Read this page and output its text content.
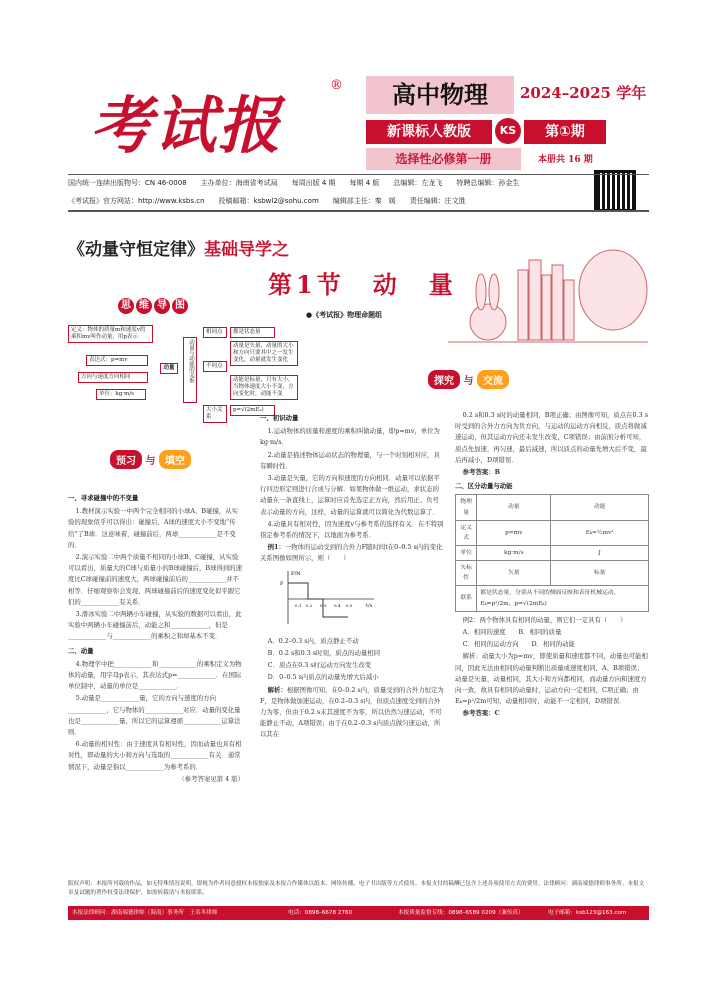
考试报
®	高中物理	2024–2025 学年
新课标人教版	KS	第①期
选择性必修第一册	本册共 16 期
国内统一连续出版物号：CN 46-0008 主办单位：海南省考试局 每周出版 4 期 每期 4 版 总编辑：左龙飞 特聘总编辑：孙金生
《考试报》官方网站：http://www.ksbs.cn 投稿邮箱：ksbwl2@sohu.com 编辑部主任：秦　媛 责任编辑：庄文胜
《动量守恒定律》基础导学之
第1节　动　量
●《考试报》物理命题组
思 维 导 图
定义：物体的质量m和速度v的乘积mv叫作动量，用p表示
表达式：p=mv
方向与速度方向相同
单位：kg·m/s
动量	动量与动能的关系
相同点
不同点
大小关系
都是状态量
动量是矢量，动量的大小和方向只要其中之一发生变化，动量就发生变化
动能是标量，只有大小，当物体速度大小不变，方向变化时，动能不变
p=√(2mEₖ)
预习 与 填空
探究 与 交流

一、寻求碰撞中的不变量

1.教材演示实验一中两个完全相同的小球A、B碰撞，从实验的现象似乎可以得出：碰撞后，A球的速度大小不变地“传给”了B球．这意味着，碰撞前后，两球____________是不变的．

2.演示实验二中两个质量不相同的小球B、C碰撞，从实验可以看出，质量大的C球与质量小的B球碰撞后，B球得到的速度比C球碰撞前的速度大，两球碰撞前后的____________并不相等．仔细观察你会发现，两球碰撞前后的速度变化似乎跟它们的____________有关系．

3.滑冰实验二中两辆小车碰撞，从实验的数据可以看出，此实验中两辆小车碰撞前后，动能之和____________，但是____________与____________的乘积之和却基本不变．

二、动量

4.物理学中把____________和____________的乘积定义为物体的动量，用字母p表示，其表达式p=____________．在国际单位制中，动量的单位是____________．

5.动量是____________量，它的方向与速度的方向____________，它与物体的____________对应．动量的变化量也是____________量，所以它的运算遵循____________运算法则．

6.动量的相对性：由于速度具有相对性，因而动量也具有相对性，即动量的大小和方向与选取的____________有关．通常情况下，动量是指以____________为参考系的．

（参考答案见第 4 版）

一、初识动量

1.运动物体的质量和速度的乘积叫做动量，即p=mv，单位为kg·m/s．

2.动量是描述物体运动状态的物理量，与一个时刻相对应，具有瞬时性．

3.动量是矢量，它的方向和速度的方向相同．动量可以依据平行四边形定则进行合成与分解．如果物体做一维运动，求状态的动量在一条直线上，运算时应首先选定正方向，然后用正、负号表示动量的方向，这样，动量的运算就可以简化为代数运算了．

4.动量具有相对性，因为速度v与参考系的选择有关．在不特别指定参考系的情况下，以地面为参考系．

例1：一物体的运动受到的合外力F随时间t在0–0.5 s内的变化关系图像如图所示，则（　　）

F/N
t/s
F
0.1 0.2 0.3 0.4 0.5

A．0.2–0.3 s内，质点静止不动

B．0.2 s和0.3 s时刻，质点的动量相同

C．质点在0.3 s时运动方向发生改变

D．0–0.5 s内质点的动量先增大后减小

解析：根据图像可知，在0–0.2 s内，质量受到的合外力恒定为F，是物体做加速运动，在0.2–0.3 s内，但质点速度受到的合外力为零，但由于0.2 s末其速度不为零，所以仍然匀速运动，不可能静止不动，A项错误；由于在0.2–0.3 s内质点做匀速运动，所以其在

0.2 s和0.3 s时的动量相同，B项正确；由图像可知，质点在0.3 s时受到的合外力方向为负方向，与运动的运动方向相反，质点将做减速运动，但其运动方向还未发生改变，C项错误；由前面分析可知，质点先加速，再匀速，最后减速，所以质点的动量先增大后不变，最后再减小，D项错误．

参考答案：B

二、区分动量与动能

物理量	动量	动能
定义式	p=mv	Eₖ=½mv²
单位	kg·m/s	J
矢标性	矢量	标量
联系	都是状态量，分别从不同的侧面反映和表征机械运动，Eₖ=p²/2m，p=√(2mEₖ)	

例2：两个物体具有相同的动量，则它们一定具有（　　）

A．相同的速度　　 B．相同的质量

C．相同的运动方向　　 D．相同的动能

解析：动量大小为p=mv，即使质量和速度都不同，动量也可能相同，因此无法由相同的动量判断出质量或速度相同，A、B项错误；动量是矢量，动量相同，其大小和方向都相同，而动量方向和速度方向一致，故具有相同的动量时，运动方向一定相同，C项正确；由Eₖ=p²/2m可知，动量相同时，动能不一定相同，D项错误．

参考答案：C

版权声明：本报所刊载的作品，如无特殊情况说明，即视为作者同意授权本报独家及本报合作媒体以纸本、网络传播、电子书出版等方式使用。本报支付的稿酬已包含上述各项使用方式的费用。法律顾问：湖南端德律师事务所。本报文章及试题的著作权受法律保护，如需转载请与本报联系。
本报法律顾问：湖南端德律师（海南）事务所　王名冬律师	电话：0898–6678 2760	本报质量监督专线：0898–6589 0209（兼传真）	电子邮箱：ksb123@163.com
